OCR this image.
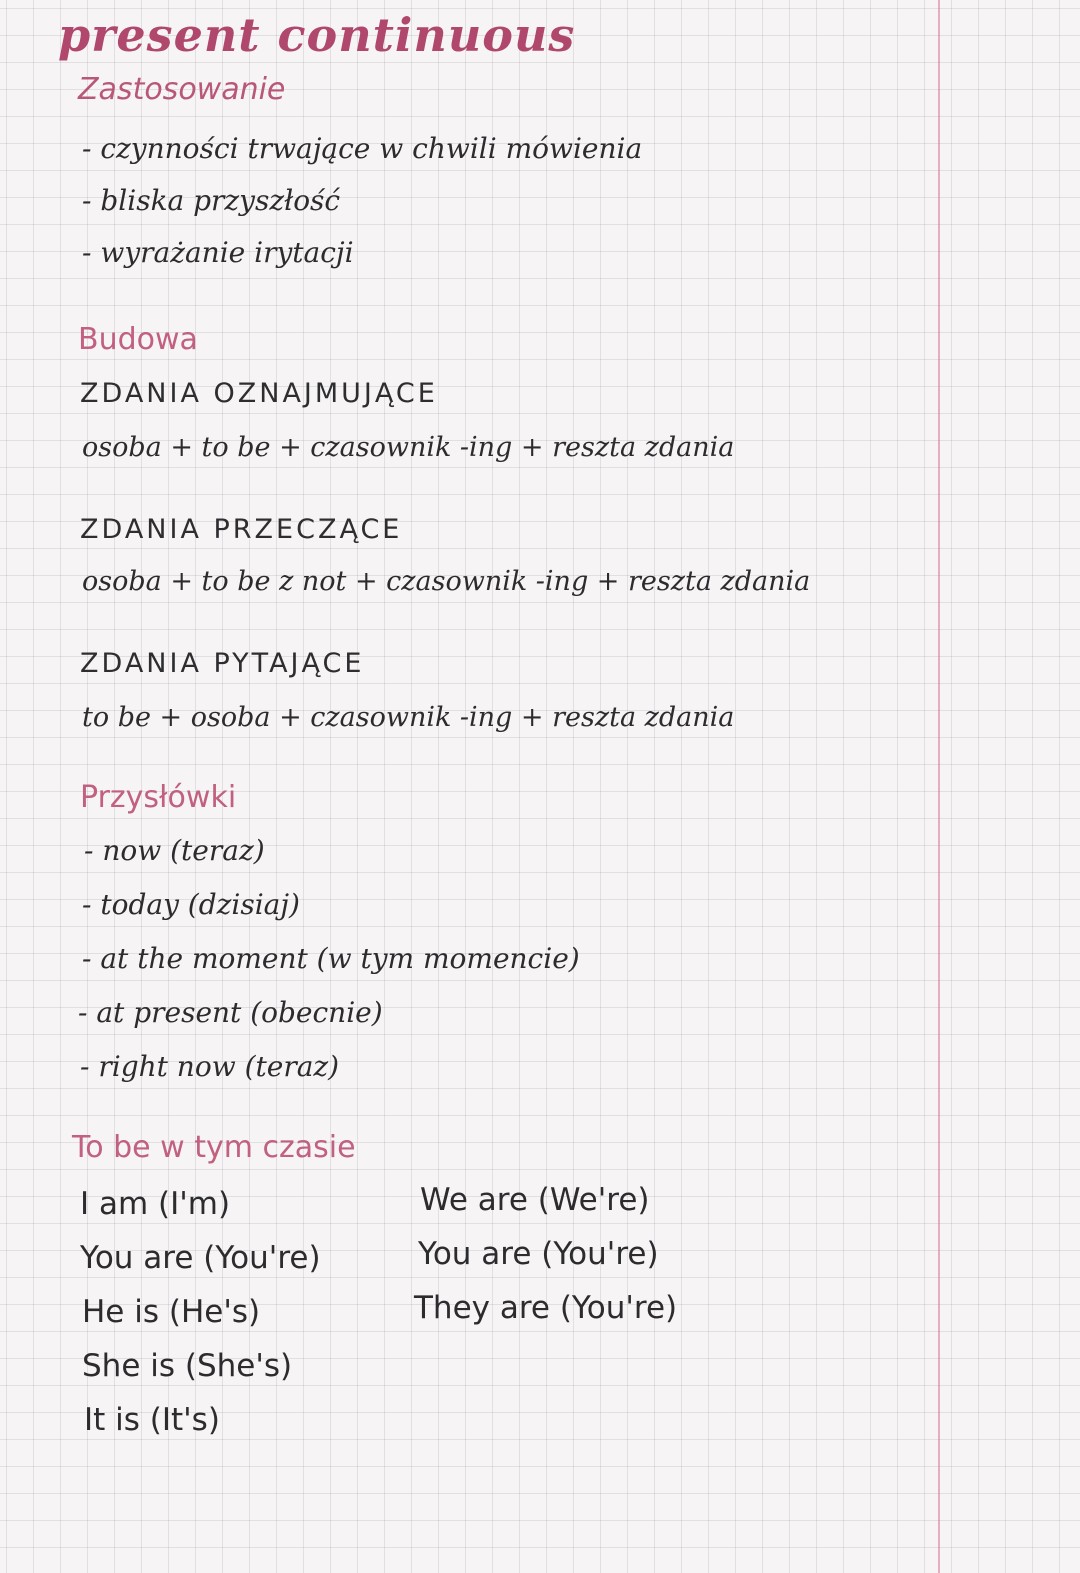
present continuous
Zastosowanie
- czynności trwające w chwili mówienia
- bliska przyszłość
- wyrażanie irytacji
Budowa
ZDANIA OZNAJMUJĄCE
osoba + to be + czasownik -ing + reszta zdania
ZDANIA PRZECZĄCE
osoba + to be z not + czasownik -ing + reszta zdania
ZDANIA PYTAJĄCE
to be + osoba + czasownik -ing + reszta zdania
Przysłówki
- now (teraz)
- today (dzisiaj)
- at the moment (w tym momencie)
- at present (obecnie)
- right now (teraz)
To be w tym czasie
I am (I'm)
You are (You're)
He is (He's)
She is (She's)
It is (It's)
We are (We're)
You are (You're)
They are (You're)
